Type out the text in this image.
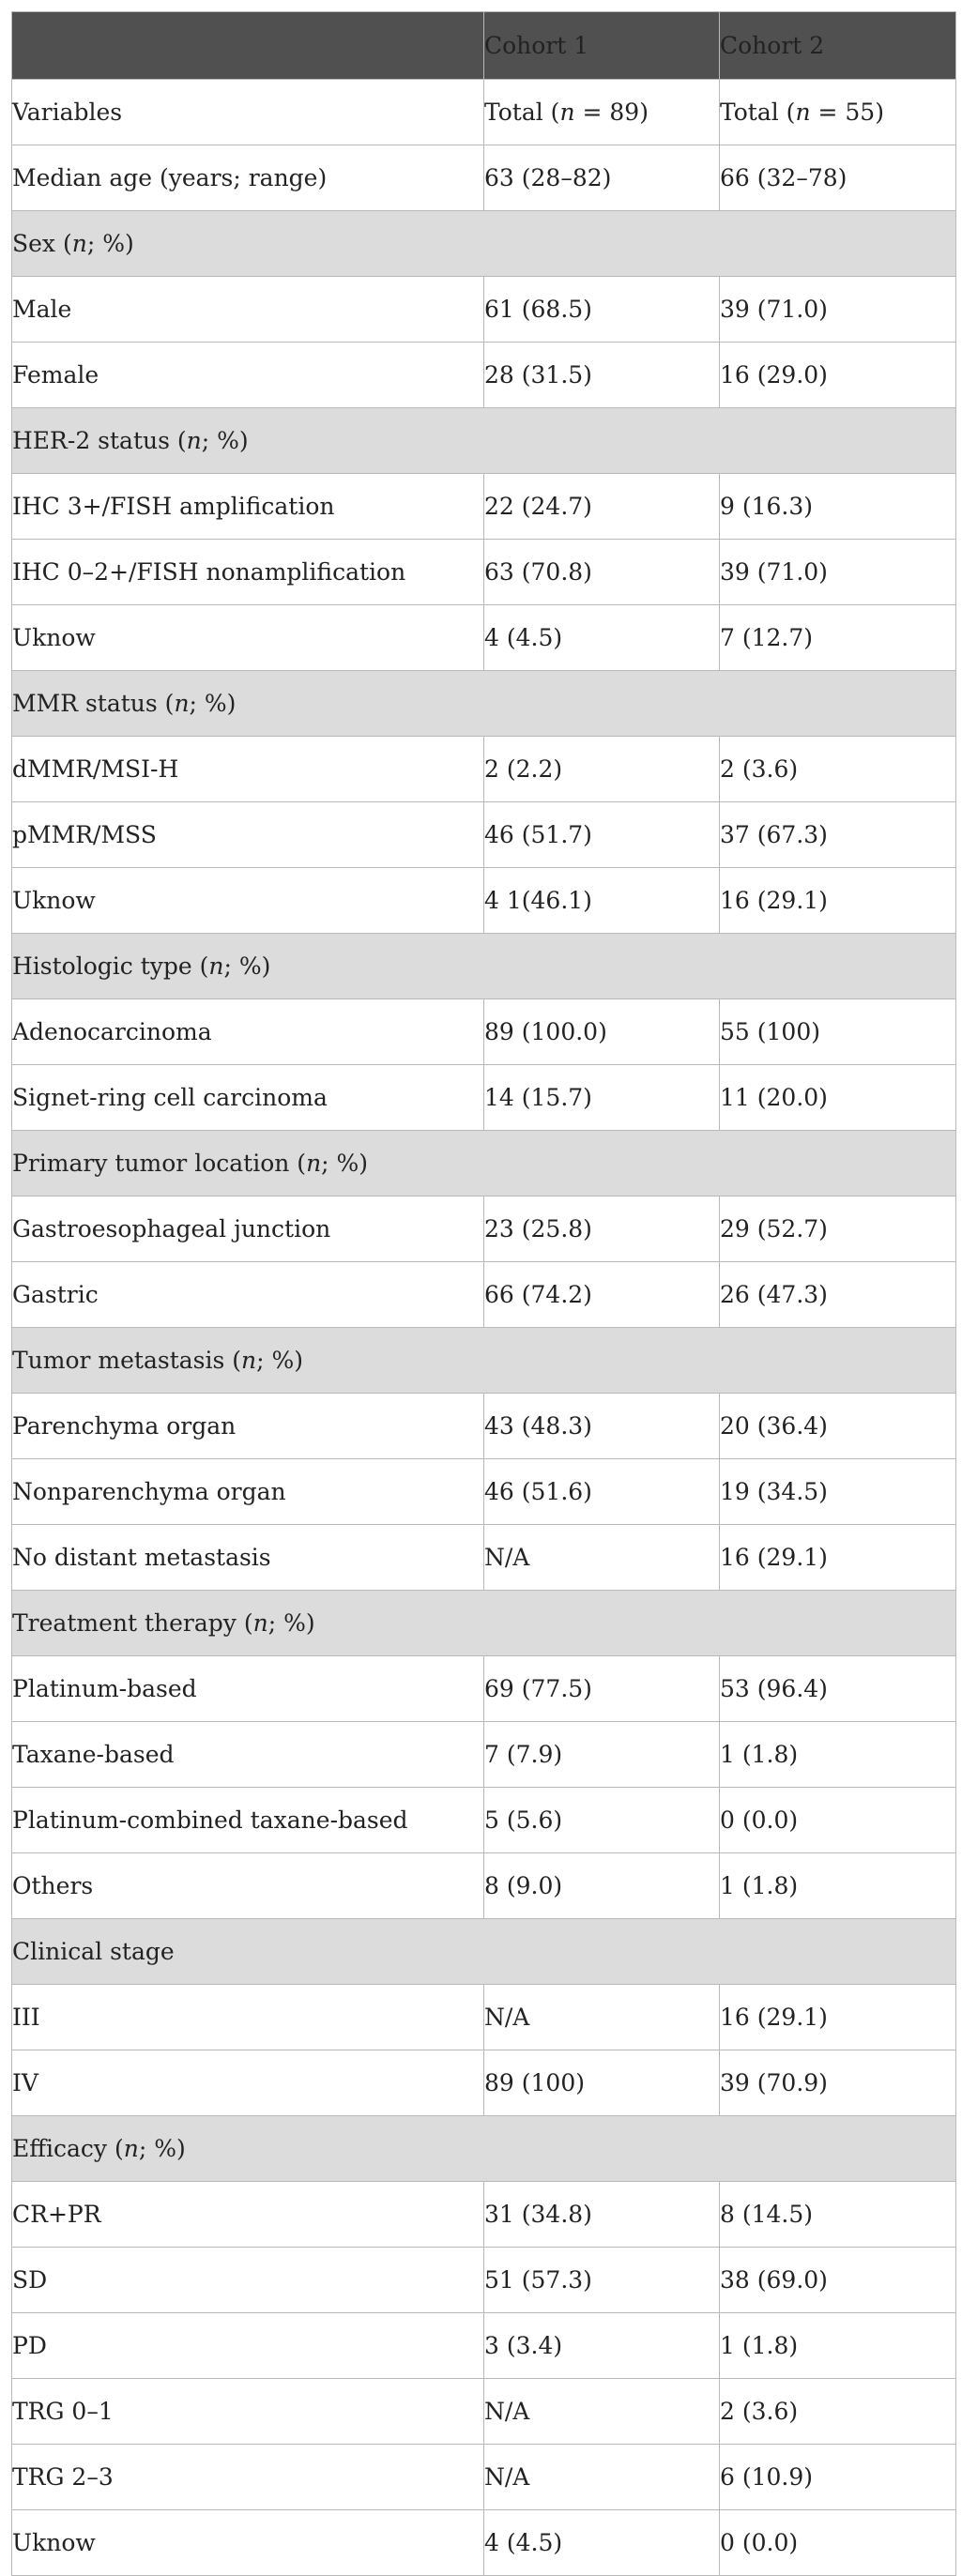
	Cohort 1	Cohort 2
Variables	Total (n = 89)	Total (n = 55)
Median age (years; range)	63 (28–82)	66 (32–78)
Sex (n; %)		
Male	61 (68.5)	39 (71.0)
Female	28 (31.5)	16 (29.0)
HER-2 status (n; %)		
IHC 3+/FISH amplification	22 (24.7)	9 (16.3)
IHC 0–2+/FISH nonamplification	63 (70.8)	39 (71.0)
Uknow	4 (4.5)	7 (12.7)
MMR status (n; %)		
dMMR/MSI-H	2 (2.2)	2 (3.6)
pMMR/MSS	46 (51.7)	37 (67.3)
Uknow	4 1(46.1)	16 (29.1)
Histologic type (n; %)		
Adenocarcinoma	89 (100.0)	55 (100)
Signet-ring cell carcinoma	14 (15.7)	11 (20.0)
Primary tumor location (n; %)		
Gastroesophageal junction	23 (25.8)	29 (52.7)
Gastric	66 (74.2)	26 (47.3)
Tumor metastasis (n; %)		
Parenchyma organ	43 (48.3)	20 (36.4)
Nonparenchyma organ	46 (51.6)	19 (34.5)
No distant metastasis	N/A	16 (29.1)
Treatment therapy (n; %)		
Platinum-based	69 (77.5)	53 (96.4)
Taxane-based	7 (7.9)	1 (1.8)
Platinum-combined taxane-based	5 (5.6)	0 (0.0)
Others	8 (9.0)	1 (1.8)
Clinical stage		
III	N/A	16 (29.1)
IV	89 (100)	39 (70.9)
Efficacy (n; %)		
CR+PR	31 (34.8)	8 (14.5)
SD	51 (57.3)	38 (69.0)
PD	3 (3.4)	1 (1.8)
TRG 0–1	N/A	2 (3.6)
TRG 2–3	N/A	6 (10.9)
Uknow	4 (4.5)	0 (0.0)
